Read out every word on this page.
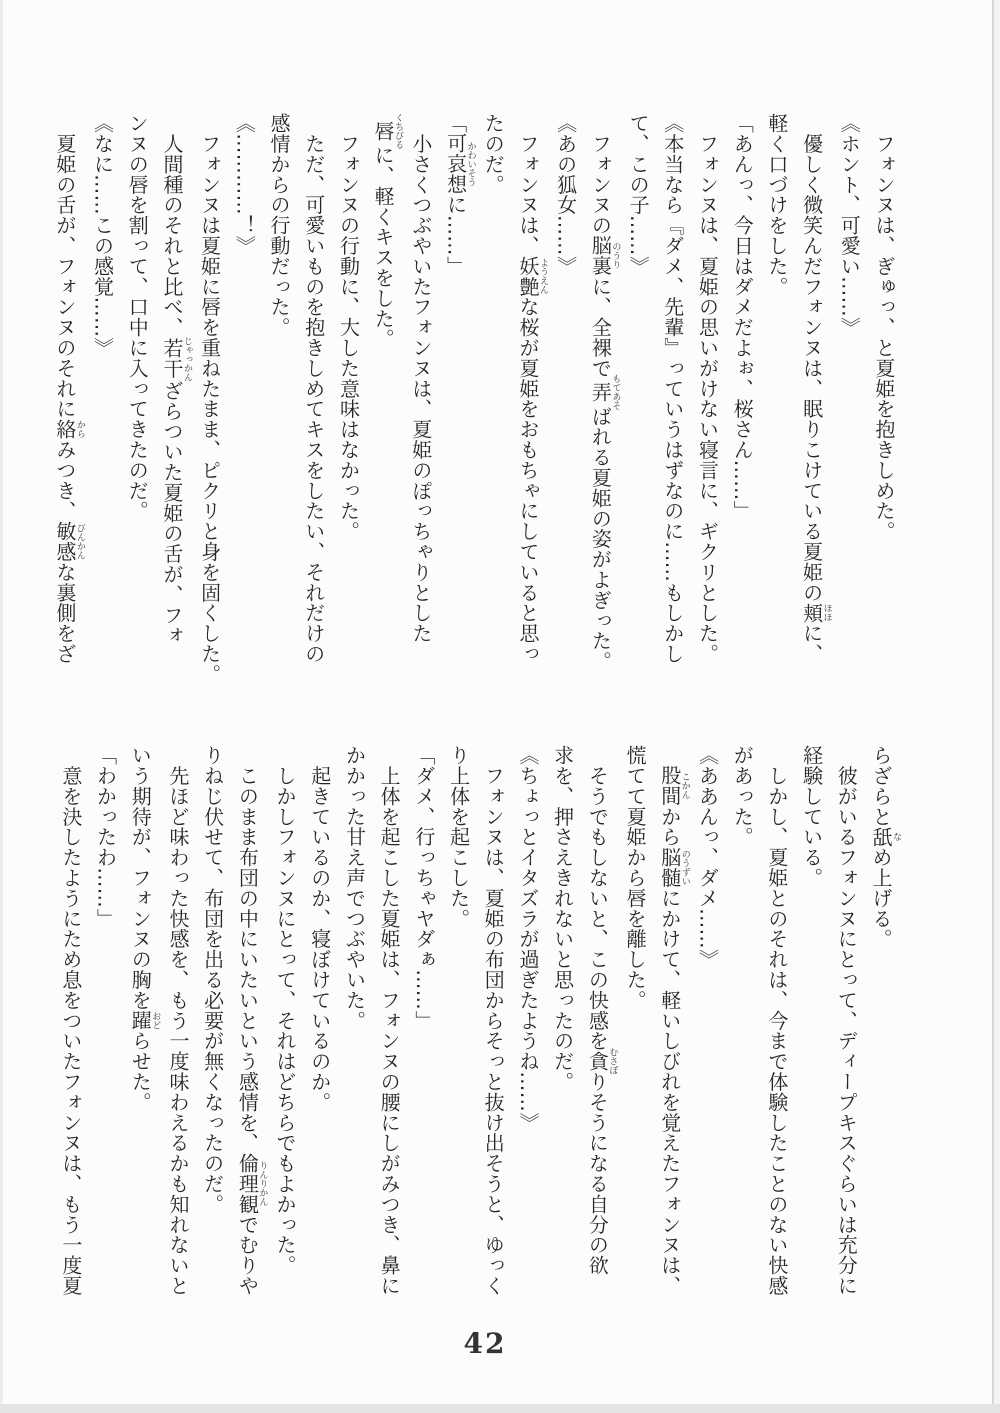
　フォンヌは、ぎゅっ、と夏姫を抱きしめた。
《ホント、可愛い……》
　優しく微笑んだフォンヌは、眠りこけている夏姫の頬ほほに、
軽く口づけをした。
「あんっ、今日はダメだよぉ、桜さん……」
　フォンヌは、夏姫の思いがけない寝言に、ギクリとした。
《本当なら『ダメ、先輩』っていうはずなのに……もしかし
て、この子……》
　フォンヌの脳裏のうりに、全裸で弄もてあそばれる夏姫の姿がよぎった。
《あの狐女……》
　フォンヌは、妖艶ようえんな桜が夏姫をおもちゃにしていると思っ
たのだ。
「可哀想かわいそうに……」
　小さくつぶやいたフォンヌは、夏姫のぽっちゃりとした
唇くちびるに、軽くキスをした。
　フォンヌの行動に、大した意味はなかった。
　ただ、可愛いものを抱きしめてキスをしたい、それだけの
感情からの行動だった。
《…………！》
　フォンヌは夏姫に唇を重ねたまま、ピクリと身を固くした。
　人間種のそれと比べ、若干じゃっかんざらついた夏姫の舌が、フォ
ンヌの唇を割って、口中に入ってきたのだ。
《なに……この感覚……》
　夏姫の舌が、フォンヌのそれに絡からみつき、敏感びんかんな裏側をざ
らざらと舐なめ上げる。
　彼がいるフォンヌにとって、ディープキスぐらいは充分に
経験している。
　しかし、夏姫とのそれは、今まで体験したことのない快感
があった。
《ああんっ、ダメ……》
　股間こかんから脳髄のうずいにかけて、軽いしびれを覚えたフォンヌは、
慌てて夏姫から唇を離した。
　そうでもしないと、この快感を貪むさぼりそうになる自分の欲
求を、押さえきれないと思ったのだ。
《ちょっとイタズラが過ぎたようね……》
　フォンヌは、夏姫の布団からそっと抜け出そうと、ゆっく
り上体を起こした。
「ダメ、行っちゃヤダぁ……」
　上体を起こした夏姫は、フォンヌの腰にしがみつき、鼻に
かかった甘え声でつぶやいた。
　起きているのか、寝ぼけているのか。
　しかしフォンヌにとって、それはどちらでもよかった。
　このまま布団の中にいたいという感情を、倫理観りんりかんでむりや
りねじ伏せて、布団を出る必要が無くなったのだ。
　先ほど味わった快感を、もう一度味わえるかも知れないと
いう期待が、フォンヌの胸を躍おどらせた。
「わかったわ……」
　意を決したようにため息をついたフォンヌは、もう一度夏
42
